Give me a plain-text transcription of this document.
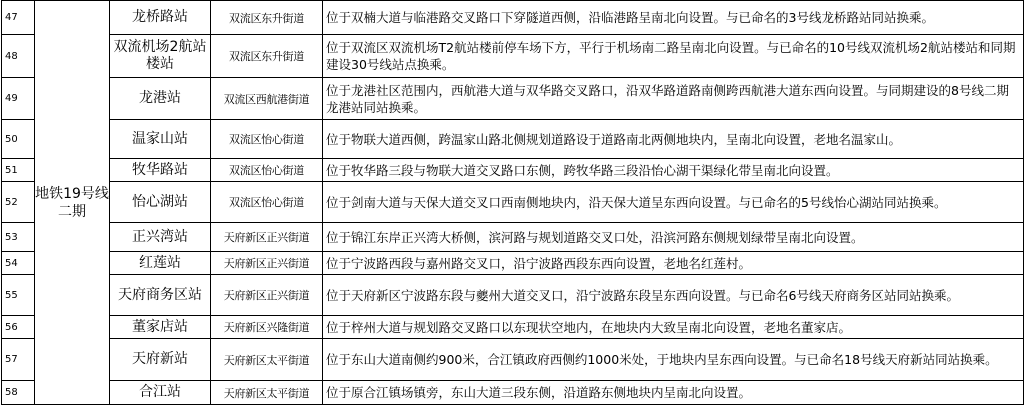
47	地铁19号线二期	龙桥路站	双流区东升街道	位于双楠大道与临港路交叉路口下穿隧道西侧，沿临港路呈南北向设置。与已命名的3号线龙桥路站同站换乘。
48		双流机场2航站楼站	双流区东升街道	位于双流区双流机场T2航站楼前停车场下方，平行于机场南二路呈南北向设置。与已命名的10号线双流机场2航站楼站和同期建设30号线站点换乘。
49		龙港站	双流区西航港街道	位于龙港社区范围内，西航港大道与双华路交叉路口，沿双华路道路南侧跨西航港大道东西向设置。与同期建设的8号线二期龙港站同站换乘。
50		温家山站	双流区怡心街道	位于物联大道西侧，跨温家山路北侧规划道路设于道路南北两侧地块内，呈南北向设置，老地名温家山。
51		牧华路站	双流区怡心街道	位于牧华路三段与物联大道交叉路口东侧，跨牧华路三段沿怡心湖干渠绿化带呈南北向设置。
52		怡心湖站	双流区怡心街道	位于剑南大道与天保大道交叉口西南侧地块内，沿天保大道呈东西向设置。与已命名的5号线怡心湖站同站换乘。
53		正兴湾站	天府新区正兴街道	位于锦江东岸正兴湾大桥侧，滨河路与规划道路交叉口处，沿滨河路东侧规划绿带呈南北向设置。
54		红莲站	天府新区正兴街道	位于宁波路西段与嘉州路交叉口，沿宁波路西段东西向设置，老地名红莲村。
55		天府商务区站	天府新区正兴街道	位于天府新区宁波路东段与夔州大道交叉口，沿宁波路东段呈东西向设置。与已命名6号线天府商务区站同站换乘。
56		董家店站	天府新区兴隆街道	位于梓州大道与规划路交叉路口以东现状空地内，在地块内大致呈南北向设置，老地名董家店。
57		天府新站	天府新区太平街道	位于东山大道南侧约900米，合江镇政府西侧约1000米处，于地块内呈东西向设置。与已命名18号线天府新站同站换乘。
58		合江站	天府新区太平街道	位于原合江镇场镇旁，东山大道三段东侧，沿道路东侧地块内呈南北向设置。
